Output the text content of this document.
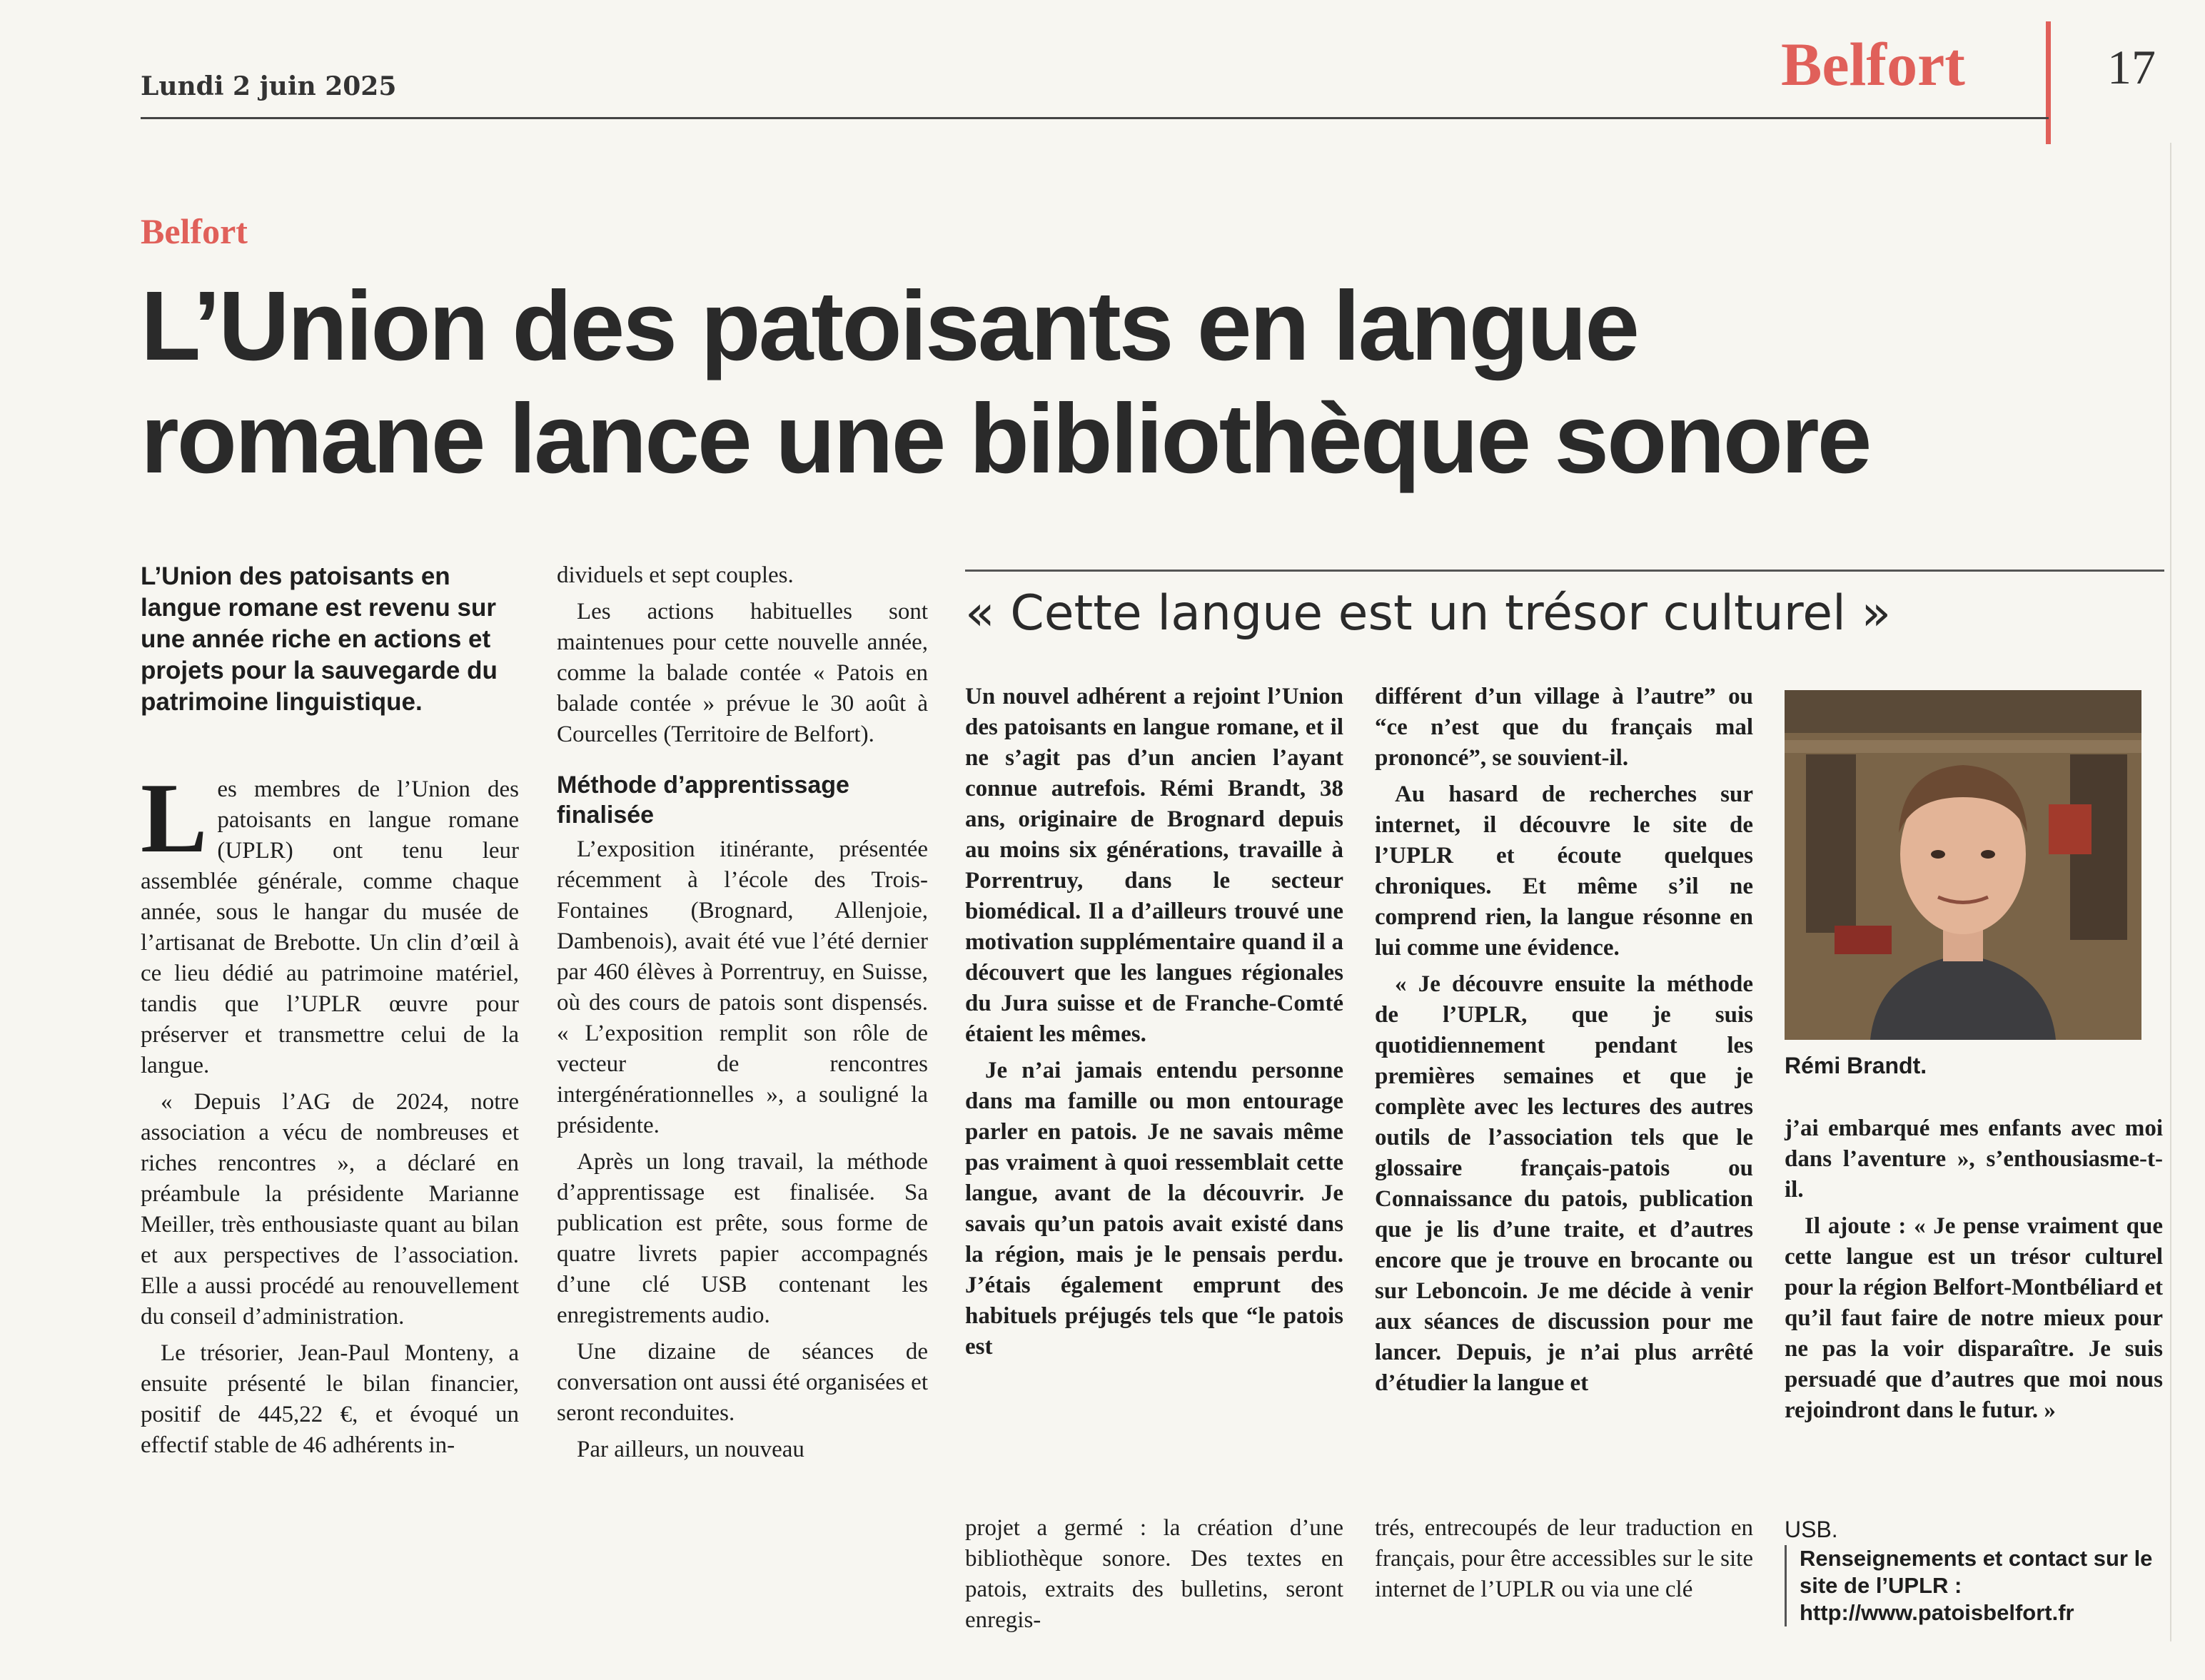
Lundi 2 juin 2025	Belfort	17
Belfort
L’Union des patoisants en langue
romane lance une bibliothèque sonore
L’Union des patoisants en langue romane est revenu sur une année riche en actions et projets pour la sauvegarde du patrimoine linguistique.

Les membres de l’Union des patoisants en langue romane (UPLR) ont tenu leur assemblée générale, comme chaque année, sous le hangar du musée de l’artisanat de Brebotte. Un clin d’œil à ce lieu dédié au patrimoine matériel, tandis que l’UPLR œuvre pour préserver et transmettre celui de la langue.

« Depuis l’AG de 2024, notre association a vécu de nombreuses et riches rencontres », a déclaré en préambule la présidente Marianne Meiller, très enthousiaste quant au bilan et aux perspectives de l’association. Elle a aussi procédé au renouvellement du conseil d’administration.

Le trésorier, Jean-Paul Monteny, a ensuite présenté le bilan financier, positif de 445,22 €, et évoqué un effectif stable de 46 adhérents in-

dividuels et sept couples.

Les actions habituelles sont maintenues pour cette nouvelle année, comme la balade contée « Patois en balade contée » prévue le 30 août à Courcelles (Territoire de Belfort).

Méthode d’apprentissage finalisée

L’exposition itinérante, présentée récemment à l’école des Trois-Fontaines (Brognard, Allenjoie, Dambenois), avait été vue l’été dernier par 460 élèves à Porrentruy, en Suisse, où des cours de patois sont dispensés. « L’exposition remplit son rôle de vecteur de rencontres intergénérationnelles », a souligné la présidente.

Après un long travail, la méthode d’apprentissage est finalisée. Sa publication est prête, sous forme de quatre livrets papier accompagnés d’une clé USB contenant les enregistrements audio.

Une dizaine de séances de conversation ont aussi été organisées et seront reconduites.

Par ailleurs, un nouveau

« Cette langue est un trésor culturel »

Un nouvel adhérent a rejoint l’Union des patoisants en langue romane, et il ne s’agit pas d’un ancien l’ayant connue autrefois. Rémi Brandt, 38 ans, originaire de Brognard depuis au moins six générations, travaille à Porrentruy, dans le secteur biomédical. Il a d’ailleurs trouvé une motivation supplémentaire quand il a découvert que les langues régionales du Jura suisse et de Franche-Comté étaient les mêmes.

Je n’ai jamais entendu personne dans ma famille ou mon entourage parler en patois. Je ne savais même pas vraiment à quoi ressemblait cette langue, avant de la découvrir. Je savais qu’un patois avait existé dans la région, mais je le pensais perdu. J’étais également emprunt des habituels préjugés tels que “le patois est

différent d’un village à l’autre” ou “ce n’est que du français mal prononcé”, se souvient-il.

Au hasard de recherches sur internet, il découvre le site de l’UPLR et écoute quelques chroniques. Et même s’il ne comprend rien, la langue résonne en lui comme une évidence.

« Je découvre ensuite la méthode de l’UPLR, que je suis quotidiennement pendant les premières semaines et que je complète avec les lectures des autres outils de l’association tels que le glossaire français-patois ou Connaissance du patois, publication que je lis d’une traite, et d’autres encore que je trouve en brocante ou sur Leboncoin. Je me décide à venir aux séances de discussion pour me lancer. Depuis, je n’ai plus arrêté d’étudier la langue et

Rémi Brandt.

j’ai embarqué mes enfants avec moi dans l’aventure », s’enthousiasme-t-il.

Il ajoute : « Je pense vraiment que cette langue est un trésor culturel pour la région Belfort-Montbéliard et qu’il faut faire de notre mieux pour ne pas la voir disparaître. Je suis persuadé que d’autres que moi nous rejoindront dans le futur. »

projet a germé : la création d’une bibliothèque sonore. Des textes en patois, extraits des bulletins, seront enregis-

trés, entrecoupés de leur traduction en français, pour être accessibles sur le site internet de l’UPLR ou via une clé

USB.
Renseignements et contact sur le site de l’UPLR : http://www.patoisbelfort.fr
